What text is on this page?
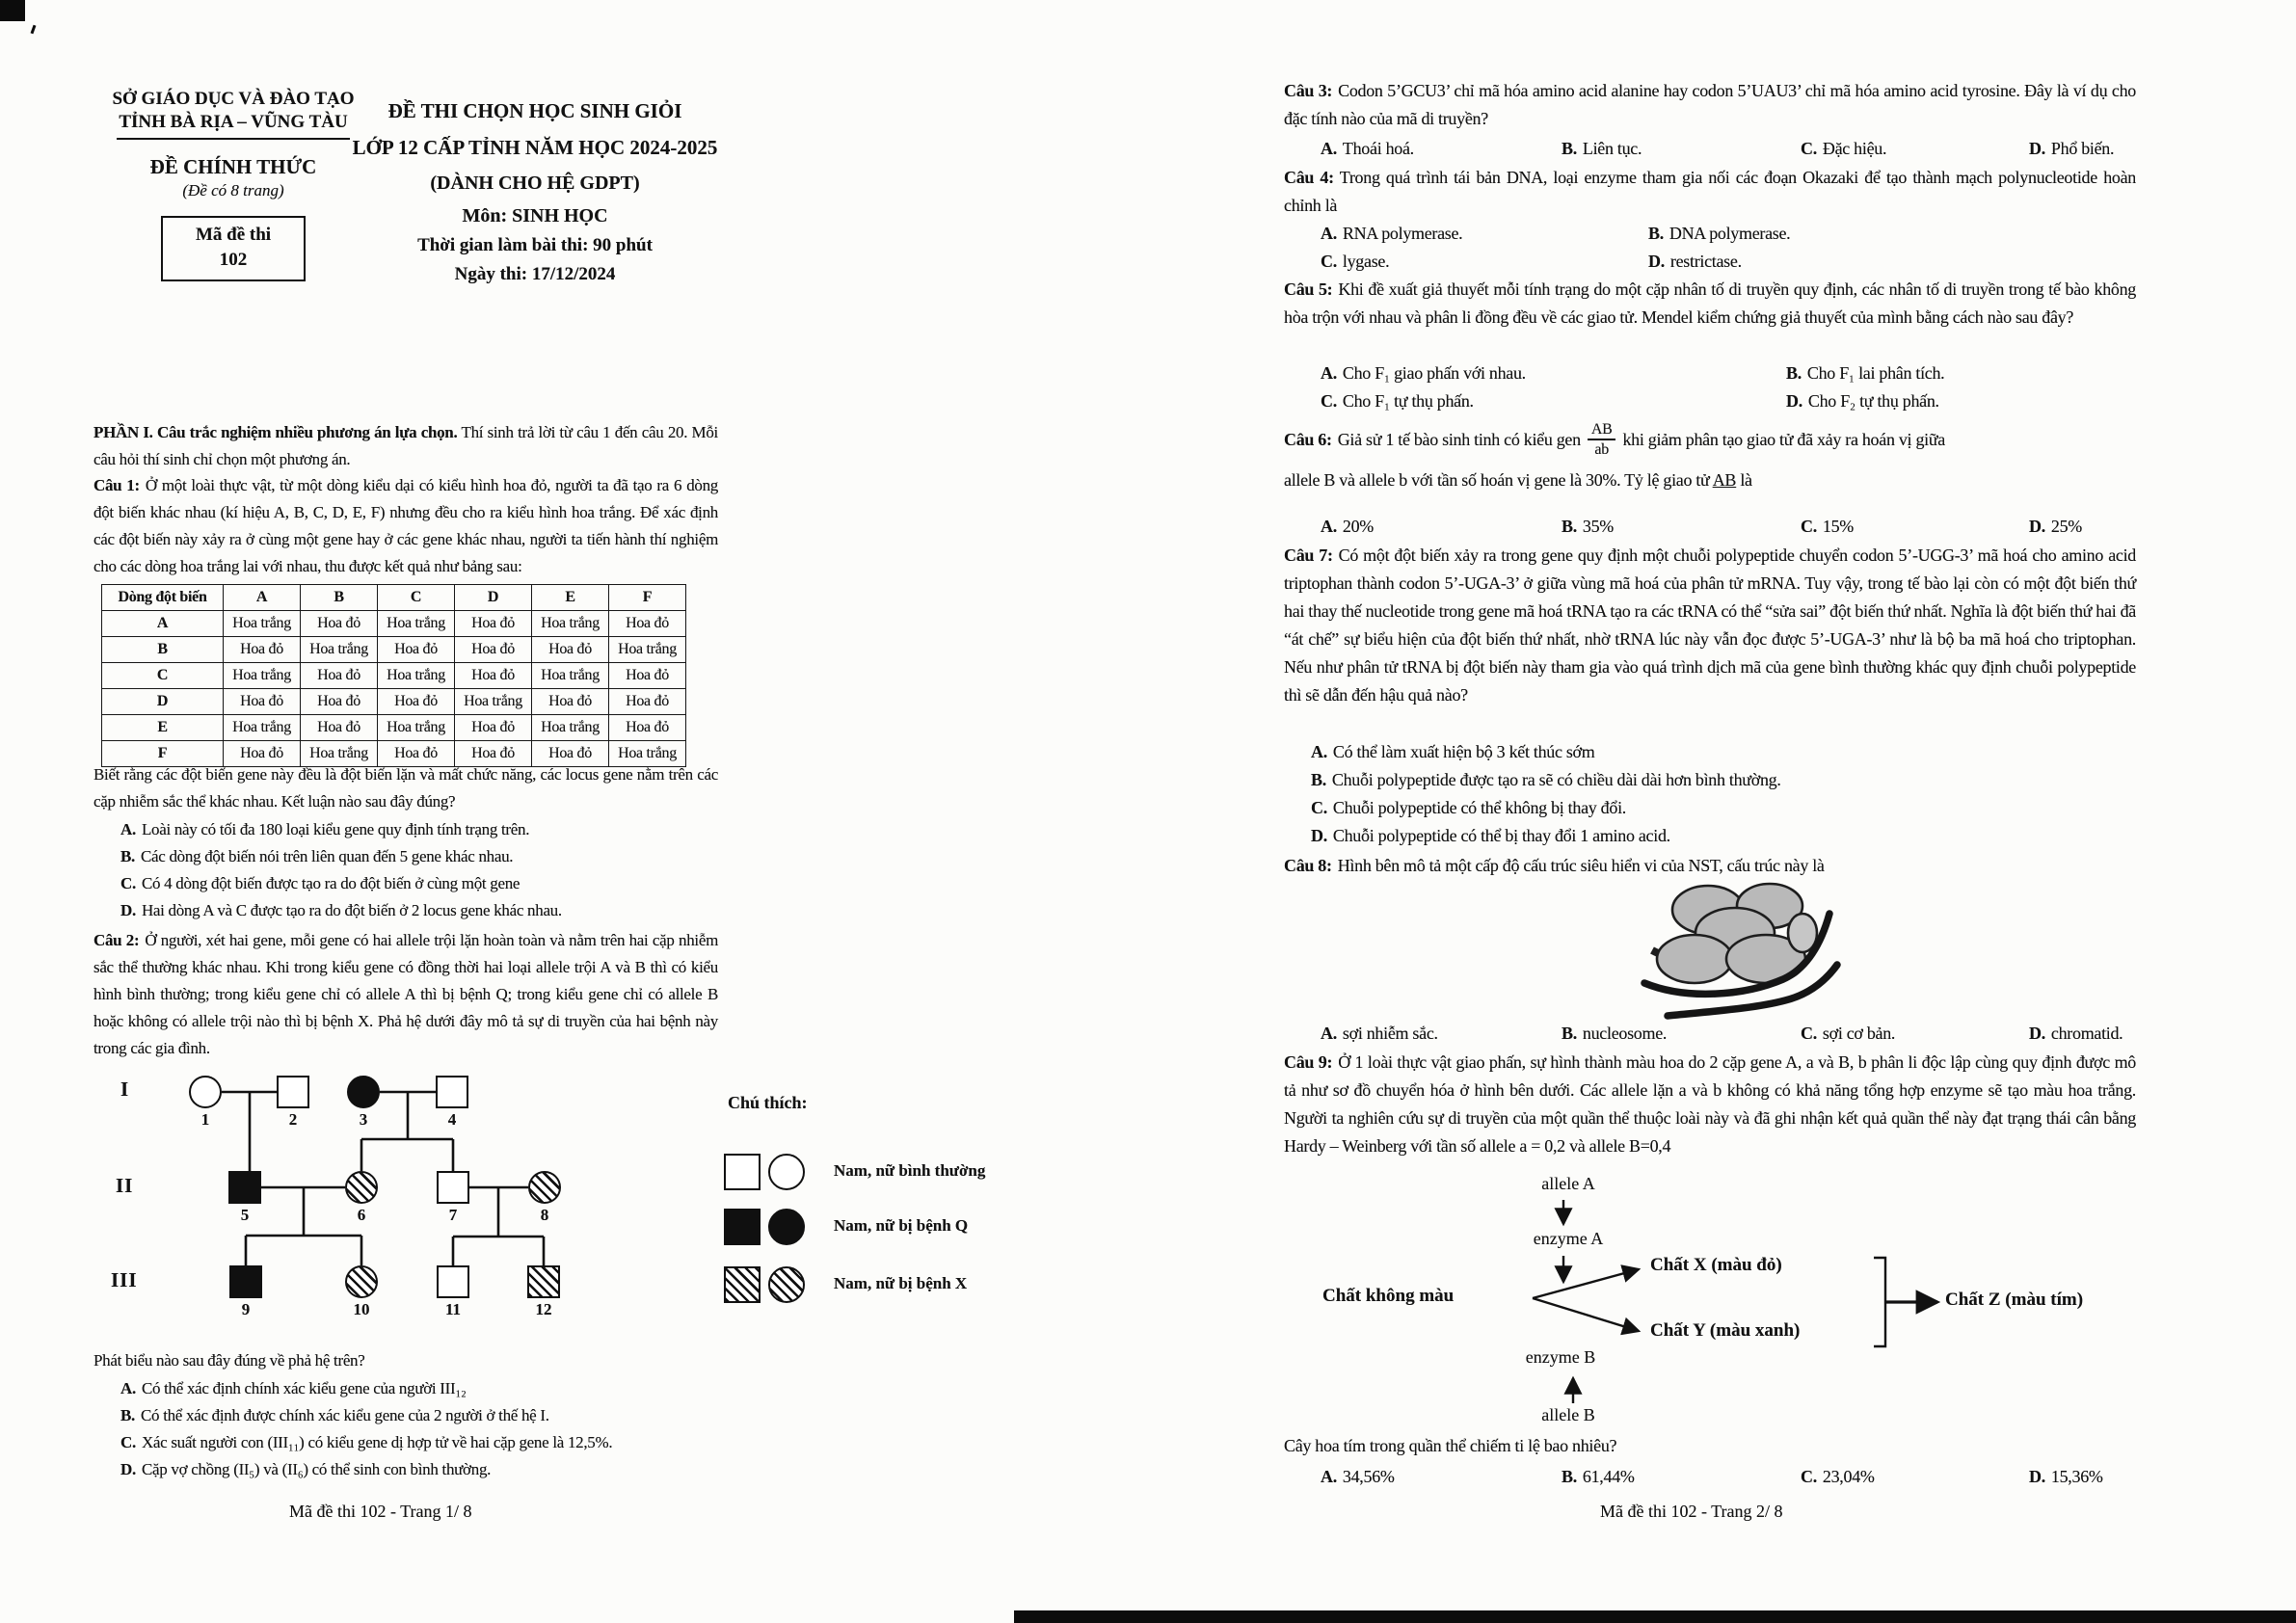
SỞ GIÁO DỤC VÀ ĐÀO TẠO
TỈNH BÀ RỊA – VŨNG TÀU
ĐỀ CHÍNH THỨC
(Đề có 8 trang)
Mã đề thi
102
ĐỀ THI CHỌN HỌC SINH GIỎI
LỚP 12 CẤP TỈNH NĂM HỌC 2024-2025
(DÀNH CHO HỆ GDPT)
Môn: SINH HỌC
Thời gian làm bài thi: 90 phút
Ngày thi: 17/12/2024
PHẦN I. Câu trắc nghiệm nhiều phương án lựa chọn. Thí sinh trả lời từ câu 1 đến câu 20. Mỗi câu hỏi thí sinh chỉ chọn một phương án.
Câu 1: Ở một loài thực vật, từ một dòng kiểu dại có kiểu hình hoa đỏ, người ta đã tạo ra 6 dòng đột biến khác nhau (kí hiệu A, B, C, D, E, F) nhưng đều cho ra kiểu hình hoa trắng. Để xác định các đột biến này xảy ra ở cùng một gene hay ở các gene khác nhau, người ta tiến hành thí nghiệm cho các dòng hoa trắng lai với nhau, thu được kết quả như bảng sau:
Dòng đột biến	A	B	C	D	E	F
A	Hoa trắng	Hoa đỏ	Hoa trắng	Hoa đỏ	Hoa trắng	Hoa đỏ
B	Hoa đỏ	Hoa trắng	Hoa đỏ	Hoa đỏ	Hoa đỏ	Hoa trắng
C	Hoa trắng	Hoa đỏ	Hoa trắng	Hoa đỏ	Hoa trắng	Hoa đỏ
D	Hoa đỏ	Hoa đỏ	Hoa đỏ	Hoa trắng	Hoa đỏ	Hoa đỏ
E	Hoa trắng	Hoa đỏ	Hoa trắng	Hoa đỏ	Hoa trắng	Hoa đỏ
F	Hoa đỏ	Hoa trắng	Hoa đỏ	Hoa đỏ	Hoa đỏ	Hoa trắng
Biết rằng các đột biến gene này đều là đột biến lặn và mất chức năng, các locus gene nằm trên các cặp nhiễm sắc thể khác nhau. Kết luận nào sau đây đúng?
A. Loài này có tối đa 180 loại kiểu gene quy định tính trạng trên.
B. Các dòng đột biến nói trên liên quan đến 5 gene khác nhau.
C. Có 4 dòng đột biến được tạo ra do đột biến ở cùng một gene
D. Hai dòng A và C được tạo ra do đột biến ở 2 locus gene khác nhau.
Câu 2: Ở người, xét hai gene, mỗi gene có hai allele trội lặn hoàn toàn và nằm trên hai cặp nhiễm sắc thể thường khác nhau. Khi trong kiểu gene có đồng thời hai loại allele trội A và B thì có kiểu hình bình thường; trong kiểu gene chỉ có allele A thì bị bệnh Q; trong kiểu gene chỉ có allele B hoặc không có allele trội nào thì bị bệnh X. Phả hệ dưới đây mô tả sự di truyền của hai bệnh này trong các gia đình.
I
II
III
1	2	3	4
5	6	7	8
9	10	11	12
Chú thích:
Nam, nữ bình thường
Nam, nữ bị bệnh Q
Nam, nữ bị bệnh X
Phát biểu nào sau đây đúng về phả hệ trên?
A. Có thể xác định chính xác kiểu gene của người III₁₂
B. Có thể xác định được chính xác kiểu gene của 2 người ở thế hệ I.
C. Xác suất người con (III₁₁) có kiểu gene dị hợp tử về hai cặp gene là 12,5%.
D. Cặp vợ chồng (II₅) và (II₆) có thể sinh con bình thường.
Mã đề thi 102 - Trang 1/ 8
Câu 3: Codon 5’GCU3’ chỉ mã hóa amino acid alanine hay codon 5’UAU3’ chỉ mã hóa amino acid tyrosine. Đây là ví dụ cho đặc tính nào của mã di truyền?
A. Thoái hoá.	B. Liên tục.	C. Đặc hiệu.	D. Phổ biến.
Câu 4: Trong quá trình tái bản DNA, loại enzyme tham gia nối các đoạn Okazaki để tạo thành mạch polynucleotide hoàn chỉnh là
A. RNA polymerase.	B. DNA polymerase.
C. lygase.	D. restrictase.
Câu 5: Khi đề xuất giả thuyết mỗi tính trạng do một cặp nhân tố di truyền quy định, các nhân tố di truyền trong tế bào không hòa trộn với nhau và phân li đồng đều về các giao tử. Mendel kiểm chứng giả thuyết của mình bằng cách nào sau đây?
A. Cho F₁ giao phấn với nhau.	B. Cho F₁ lai phân tích.
C. Cho F₁ tự thụ phấn.	D. Cho F₂ tự thụ phấn.
Câu 6: Giả sử 1 tế bào sinh tinh có kiểu gen $\frac{AB}{ab}$ khi giảm phân tạo giao tử đã xảy ra hoán vị giữa
allele B và allele b với tần số hoán vị gene là 30%. Tỷ lệ giao tử AB là
A. 20%	B. 35%	C. 15%	D. 25%
Câu 7: Có một đột biến xảy ra trong gene quy định một chuỗi polypeptide chuyển codon 5’-UGG-3’ mã hoá cho amino acid triptophan thành codon 5’-UGA-3’ ở giữa vùng mã hoá của phân tử mRNA. Tuy vậy, trong tế bào lại còn có một đột biến thứ hai thay thế nucleotide trong gene mã hoá tRNA tạo ra các tRNA có thể “sửa sai” đột biến thứ nhất. Nghĩa là đột biến thứ hai đã “át chế” sự biểu hiện của đột biến thứ nhất, nhờ tRNA lúc này vẫn đọc được 5’-UGA-3’ như là bộ ba mã hoá cho triptophan. Nếu như phân tử tRNA bị đột biến này tham gia vào quá trình dịch mã của gene bình thường khác quy định chuỗi polypeptide thì sẽ dẫn đến hậu quả nào?
A. Có thể làm xuất hiện bộ 3 kết thúc sớm
B. Chuỗi polypeptide được tạo ra sẽ có chiều dài dài hơn bình thường.
C. Chuỗi polypeptide có thể không bị thay đổi.
D. Chuỗi polypeptide có thể bị thay đổi 1 amino acid.
Câu 8: Hình bên mô tả một cấp độ cấu trúc siêu hiển vi của NST, cấu trúc này là
A. sợi nhiễm sắc.	B. nucleosome.	C. sợi cơ bản.	D. chromatid.
Câu 9: Ở 1 loài thực vật giao phấn, sự hình thành màu hoa do 2 cặp gene A, a và B, b phân li độc lập cùng quy định được mô tả như sơ đồ chuyển hóa ở hình bên dưới. Các allele lặn a và b không có khả năng tổng hợp enzyme sẽ tạo màu hoa trắng. Người ta nghiên cứu sự di truyền của một quần thể thuộc loài này và đã ghi nhận kết quả quần thể này đạt trạng thái cân bằng Hardy – Weinberg với tần số allele a = 0,2 và allele B=0,4
allele A
enzyme A
Chất không màu
Chất X (màu đỏ)
Chất Y (màu xanh)
enzyme B
allele B
Chất Z (màu tím)
Cây hoa tím trong quần thể chiếm ti lệ bao nhiêu?
A. 34,56%	B. 61,44%	C. 23,04%	D. 15,36%
Mã đề thi 102 - Trang 2/ 8
